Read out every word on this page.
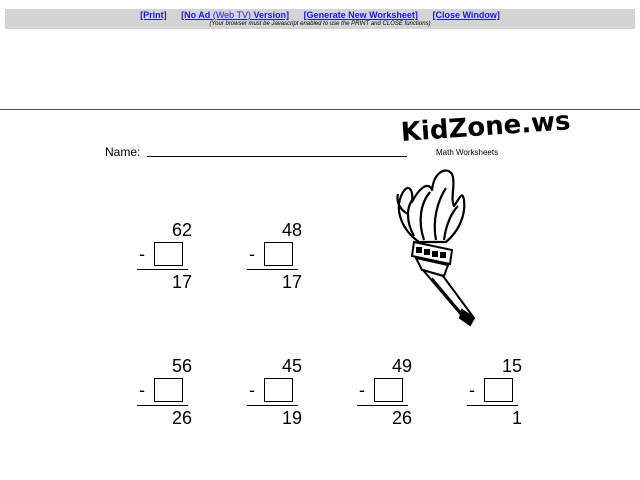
[Print] [No Ad (Web TV) Version] [Generate New Worksheet] [Close Window]
(Your browser must be Javascript enabled to use the PRINT and CLOSE functions)
Name:
KidZone.ws
Math Worksheets
62
-
17
48
-
17
56
-
26
45
-
19
49
-
26
15
-
1
